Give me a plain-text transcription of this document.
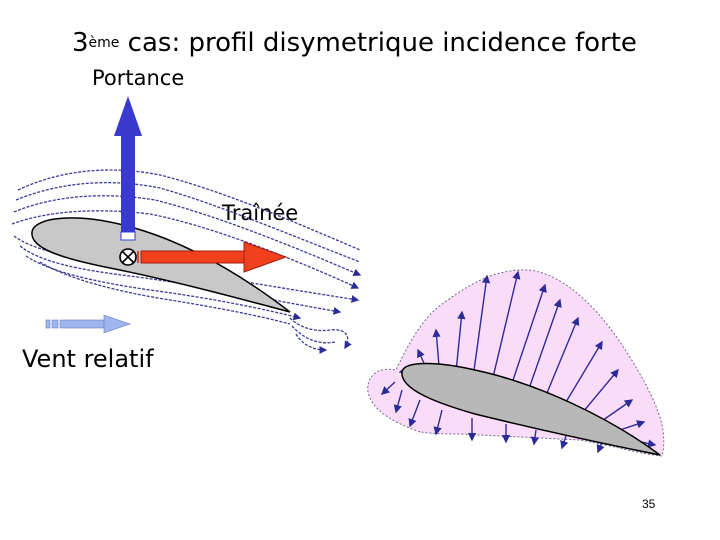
3ème cas: profil disymetrique incidence forte
Portance
Traînée
Vent relatif
35
